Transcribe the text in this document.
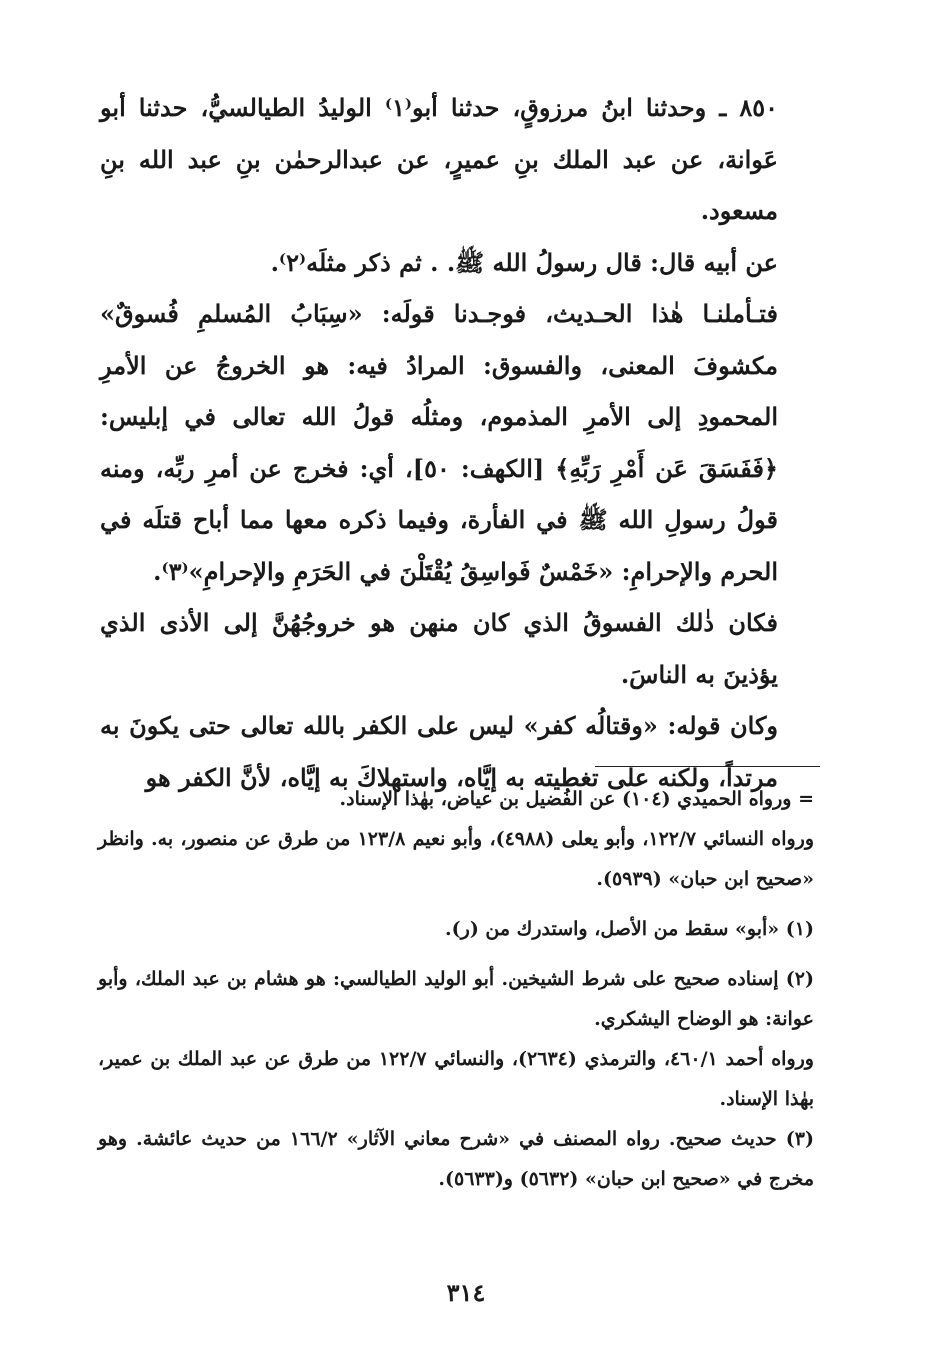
٨٥٠ ـ وحدثنا ابنُ مرزوقٍ، حدثنا أبو⁽١⁾ الوليدُ الطيالسيُّ، حدثنا أبو عَوانة، عن عبد الملك بنِ عميرٍ، عن عبدالرحمٰن بنِ عبد الله بنِ مسعود.

عن أبيه قال: قال رسولُ الله ﷺ. . ثم ذكر مثلَه⁽٢⁾.

فتـأملنـا هٰذا الحـديث، فوجـدنا قولَه: «سِبَابُ المُسلمِ فُسوقٌ» مكشوفَ المعنى، والفسوق: المرادُ فيه: هو الخروجُ عن الأمرِ المحمودِ إلى الأمرِ المذموم، ومثلُه قولُ الله تعالى في إبليس: ﴿فَفَسَقَ عَن أَمْرِ رَبِّهِ﴾ [الكهف: ٥٠]، أي: فخرج عن أمرِ ربِّه، ومنه قولُ رسولِ الله ﷺ في الفأرة، وفيما ذكره معها مما أباح قتلَه في الحرم والإحرامِ: «خَمْسٌ فَواسِقُ يُقْتَلْنَ في الحَرَمِ والإحرامِ»⁽٣⁾.

فكان ذٰلك الفسوقُ الذي كان منهن هو خروجُهُنَّ إلى الأذى الذي يؤذينَ به الناسَ.

وكان قوله: «وقتالُه كفر» ليس على الكفر بالله تعالى حتى يكونَ به مرتداً، ولكنه على تغطيته به إيَّاه، واستهلاكَ به إيَّاه، لأنَّ الكفر هو

= ورواه الحميدي (١٠٤) عن الفُضيل بن عياض، بهٰذا الإسناد.

ورواه النسائي ١٢٢/٧، وأبو يعلى (٤٩٨٨)، وأبو نعيم ١٢٣/٨ من طرق عن منصور، به. وانظر «صحيح ابن حبان» (٥٩٣٩).

(١) «أبو» سقط من الأصل، واستدرك من (ر).

(٢) إسناده صحيح على شرط الشيخين. أبو الوليد الطيالسي: هو هشام بن عبد الملك، وأبو عوانة: هو الوضاح اليشكري.

ورواه أحمد ٤٦٠/١، والترمذي (٢٦٣٤)، والنسائي ١٢٢/٧ من طرق عن عبد الملك بن عمير، بهٰذا الإسناد.

(٣) حديث صحيح. رواه المصنف في «شرح معاني الآثار» ١٦٦/٢ من حديث عائشة. وهو مخرج في «صحيح ابن حبان» (٥٦٣٢) و(٥٦٣٣).

٣١٤
